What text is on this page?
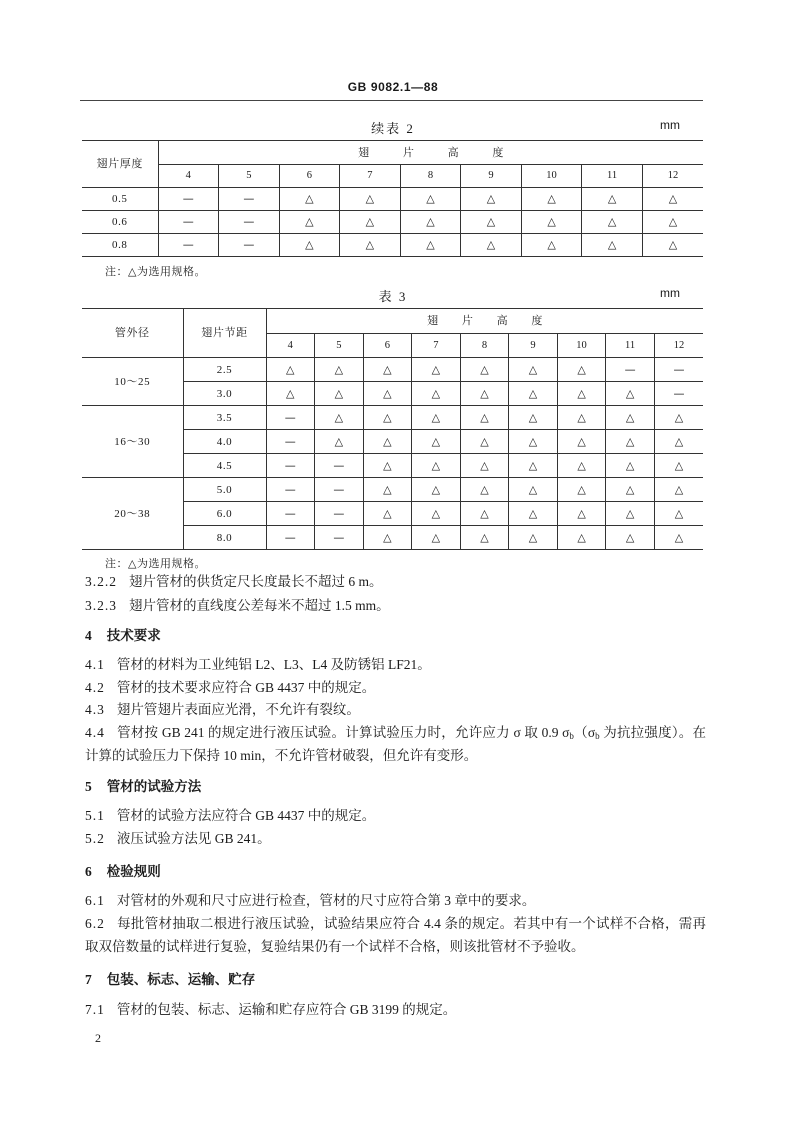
GB 9082.1—88
续表 2	mm
翅片厚度	翅 片 高 度								
	4	5	6	7	8	9	10	11	12
0.5	—	—	△	△	△	△	△	△	△
0.6	—	—	△	△	△	△	△	△	△
0.8	—	—	△	△	△	△	△	△	△
注：△为选用规格。
表 3	mm
管外径	翅片节距	翅 片 高 度								
		4	5	6	7	8	9	10	11	12
10～25	2.5	△	△	△	△	△	△	△	—	—
	3.0	△	△	△	△	△	△	△	△	—
16～30	3.5	—	△	△	△	△	△	△	△	△
	4.0	—	△	△	△	△	△	△	△	△
	4.5	—	—	△	△	△	△	△	△	△
20～38	5.0	—	—	△	△	△	△	△	△	△
	6.0	—	—	△	△	△	△	△	△	△
	8.0	—	—	△	△	△	△	△	△	△
注：△为选用规格。
3.2.2 翅片管材的供货定尺长度最长不超过 6 m。
3.2.3 翅片管材的直线度公差每米不超过 1.5 mm。
4 技术要求
4.1 管材的材料为工业纯铝 L2、L3、L4 及防锈铝 LF21。
4.2 管材的技术要求应符合 GB 4437 中的规定。
4.3 翅片管翅片表面应光滑，不允许有裂纹。
4.4 管材按 GB 241 的规定进行液压试验。计算试验压力时，允许应力 σ 取 0.9 $\sigma_b(\sigma_b$ 为抗拉强度）。在
计算的试验压力下保持 10 min，不允许管材破裂，但允许有变形。
5 管材的试验方法
5.1 管材的试验方法应符合 GB 4437 中的规定。
5.2 液压试验方法见 GB 241。
6 检验规则
6.1 对管材的外观和尺寸应进行检查，管材的尺寸应符合第 3 章中的要求。
6.2 每批管材抽取二根进行液压试验，试验结果应符合 4.4 条的规定。若其中有一个试样不合格，需再
取双倍数量的试样进行复验，复验结果仍有一个试样不合格，则该批管材不予验收。
7 包装、标志、运输、贮存
7.1 管材的包装、标志、运输和贮存应符合 GB 3199 的规定。
2
